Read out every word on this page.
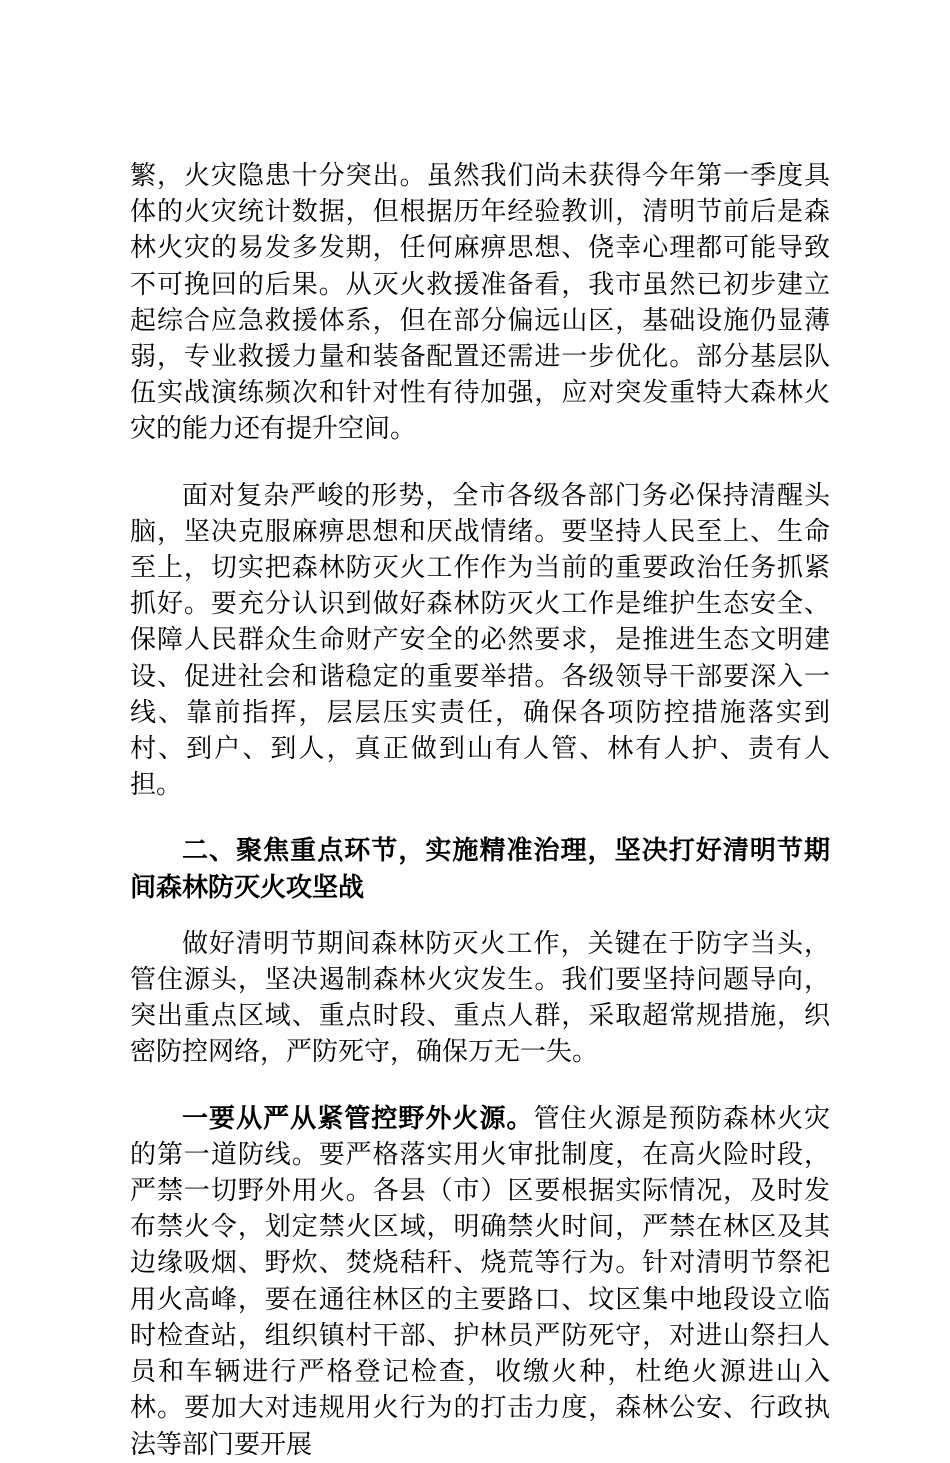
繁，火灾隐患十分突出。虽然我们尚未获得今年第一季度具体的火灾统计数据，但根据历年经验教训，清明节前后是森林火灾的易发多发期，任何麻痹思想、侥幸心理都可能导致不可挽回的后果。从灭火救援准备看，我市虽然已初步建立起综合应急救援体系，但在部分偏远山区，基础设施仍显薄弱，专业救援力量和装备配置还需进一步优化。部分基层队伍实战演练频次和针对性有待加强，应对突发重特大森林火灾的能力还有提升空间。

面对复杂严峻的形势，全市各级各部门务必保持清醒头脑，坚决克服麻痹思想和厌战情绪。要坚持人民至上、生命至上，切实把森林防灭火工作作为当前的重要政治任务抓紧抓好。要充分认识到做好森林防灭火工作是维护生态安全、保障人民群众生命财产安全的必然要求，是推进生态文明建设、促进社会和谐稳定的重要举措。各级领导干部要深入一线、靠前指挥，层层压实责任，确保各项防控措施落实到村、到户、到人，真正做到山有人管、林有人护、责有人担。

二、聚焦重点环节，实施精准治理，坚决打好清明节期间森林防灭火攻坚战

做好清明节期间森林防灭火工作，关键在于防字当头，管住源头，坚决遏制森林火灾发生。我们要坚持问题导向，突出重点区域、重点时段、重点人群，采取超常规措施，织密防控网络，严防死守，确保万无一失。

一要从严从紧管控野外火源。管住火源是预防森林火灾的第一道防线。要严格落实用火审批制度，在高火险时段，严禁一切野外用火。各县（市）区要根据实际情况，及时发布禁火令，划定禁火区域，明确禁火时间，严禁在林区及其边缘吸烟、野炊、焚烧秸秆、烧荒等行为。针对清明节祭祀用火高峰，要在通往林区的主要路口、坟区集中地段设立临时检查站，组织镇村干部、护林员严防死守，对进山祭扫人员和车辆进行严格登记检查，收缴火种，杜绝火源进山入林。要加大对违规用火行为的打击力度，森林公安、行政执法等部门要开展
